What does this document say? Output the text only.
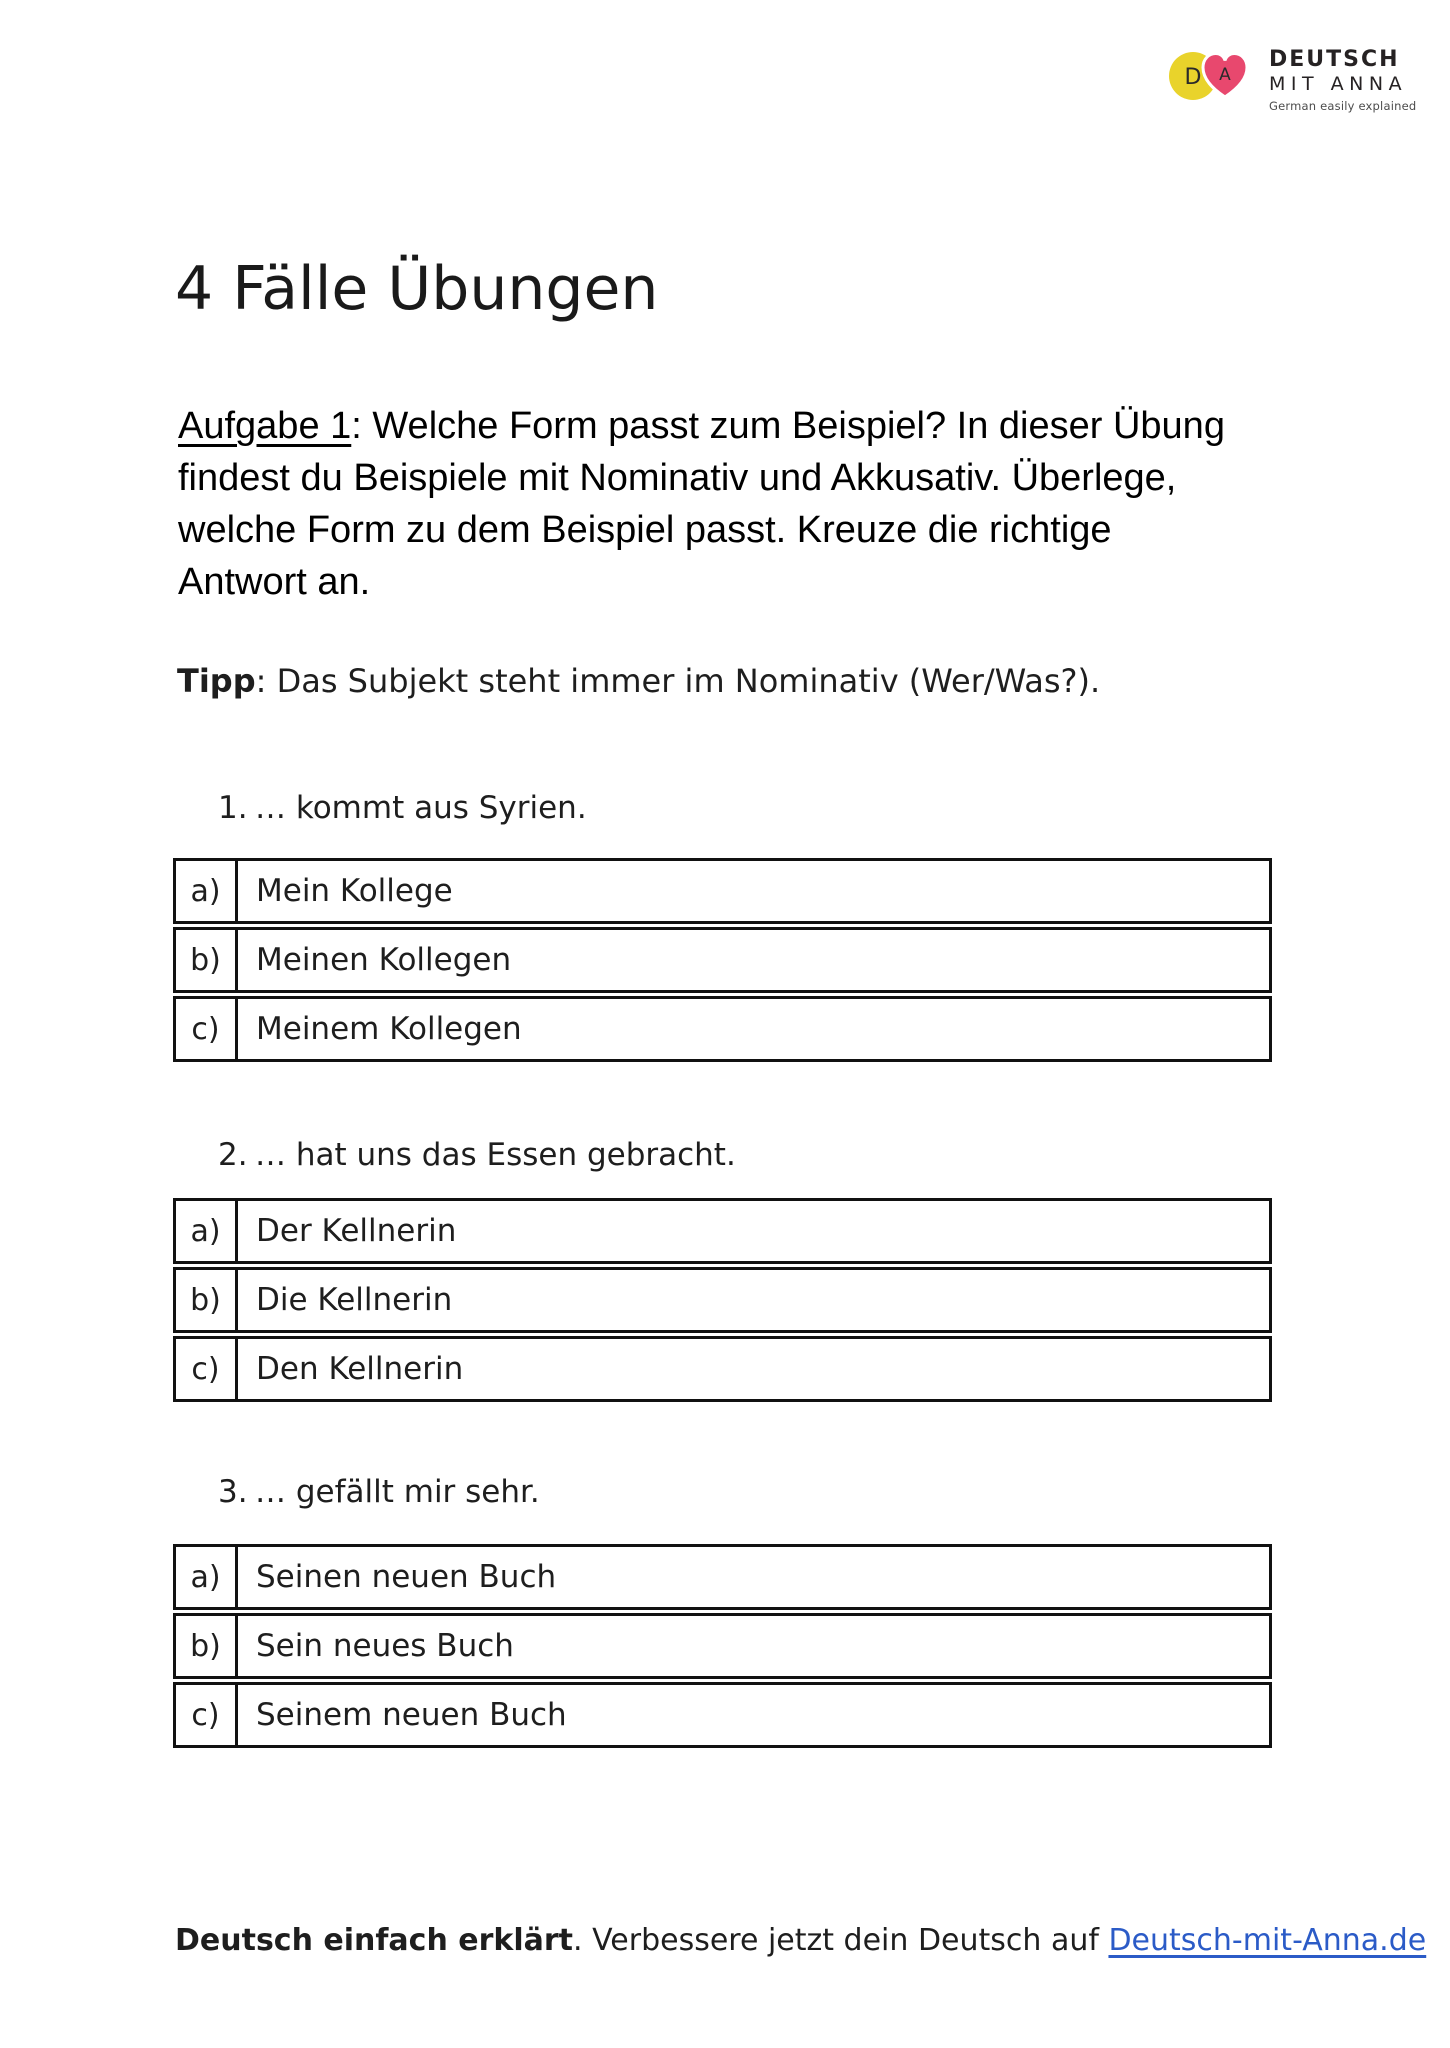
D A
DEUTSCH
MIT ANNA
German easily explained
4 Fälle Übungen
Aufgabe 1: Welche Form passt zum Beispiel? In dieser Übung
findest du Beispiele mit Nominativ und Akkusativ. Überlege,
welche Form zu dem Beispiel passt. Kreuze die richtige
Antwort an.
Tipp: Das Subjekt steht immer im Nominativ (Wer/Was?).
1. … kommt aus Syrien.
a)	Mein Kollege
b)	Meinen Kollegen
c)	Meinem Kollegen
2. … hat uns das Essen gebracht.
a)	Der Kellnerin
b)	Die Kellnerin
c)	Den Kellnerin
3. … gefällt mir sehr.
a)	Seinen neuen Buch
b)	Sein neues Buch
c)	Seinem neuen Buch
Deutsch einfach erklärt. Verbessere jetzt dein Deutsch auf Deutsch-mit-Anna.de
